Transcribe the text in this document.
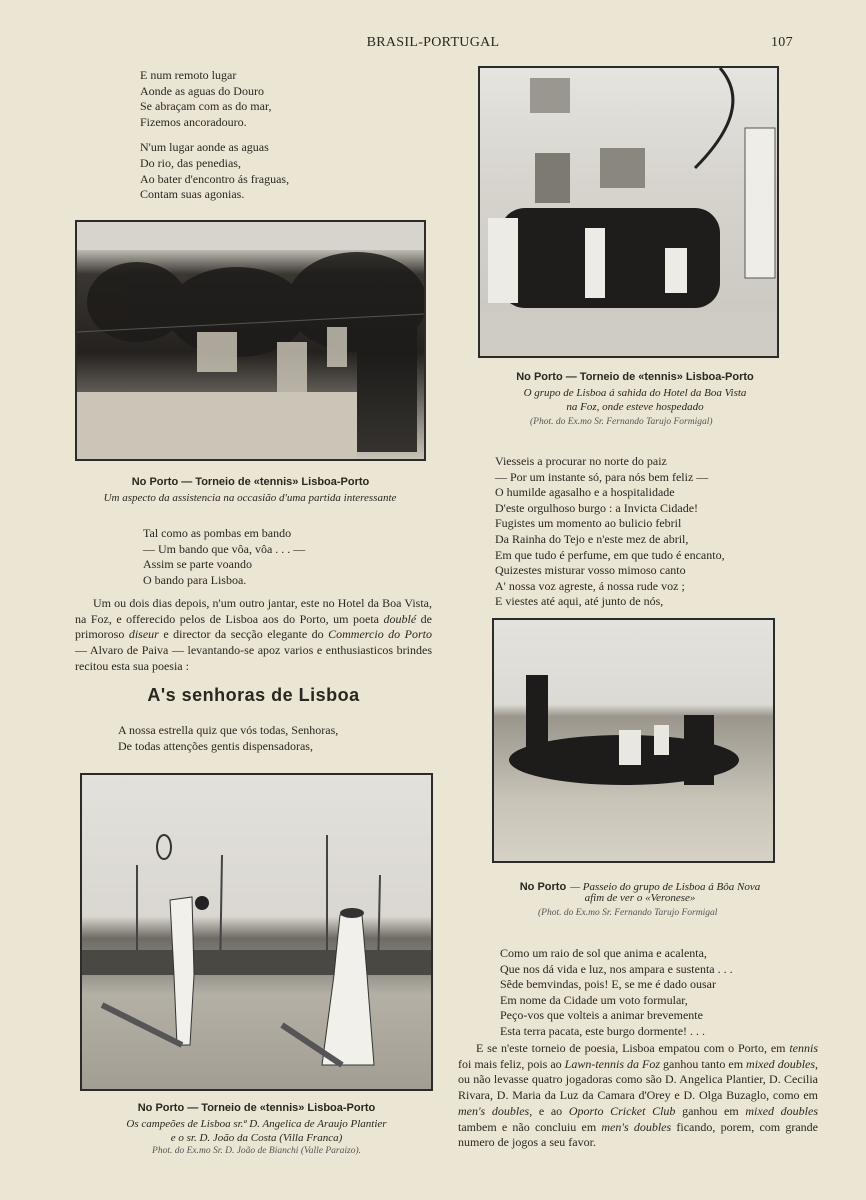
BRASIL-PORTUGAL	107
E num remoto lugar
Aonde as aguas do Douro
Se abraçam com as do mar,
Fizemos ancoradouro.
N'um lugar aonde as aguas
Do rio, das penedias,
Ao bater d'encontro ás fraguas,
Contam suas agonias.
No Porto — Torneio de «tennis» Lisboa-Porto
Um aspecto da assistencia na occasião d'uma partida interessante
Tal como as pombas em bando
— Um bando que vôa, vôa . . . —
Assim se parte voando
O bando para Lisboa.
Um ou dois dias depois, n'um outro jantar, este no Hotel da Boa Vista, na Foz, e offerecido pelos de Lisboa aos do Porto, um poeta doublé de primoroso diseur e director da secção elegante do Commercio do Porto — Alvaro de Paiva — levantando-se apoz varios e enthusiasticos brindes recitou esta sua poesia :
A's senhoras de Lisboa
A nossa estrella quiz que vós todas, Senhoras,
De todas attenções gentis dispensadoras,
No Porto — Torneio de «tennis» Lisboa-Porto
Os campeões de Lisboa sr.ª D. Angelica de Araujo Plantier
e o sr. D. João da Costa (Villa Franca)
Phot. do Ex.mo Sr. D. João de Bianchi (Valle Paraizo).
No Porto — Torneio de «tennis» Lisboa-Porto
O grupo de Lisboa á sahida do Hotel da Boa Vista
na Foz, onde esteve hospedado
(Phot. do Ex.mo Sr. Fernando Tarujo Formigal)
Viesseis a procurar no norte do paiz
— Por um instante só, para nós bem feliz —
O humilde agasalho e a hospitalidade
D'este orgulhoso burgo : a Invicta Cidade!
Fugistes um momento ao bulicio febril
Da Rainha do Tejo e n'este mez de abril,
Em que tudo é perfume, em que tudo é encanto,
Quizestes misturar vosso mimoso canto
A' nossa voz agreste, á nossa rude voz ;
E viestes até aqui, até junto de nós,
No Porto — Passeio do grupo de Lisboa á Bôa Nova
afim de ver o «Veronese»
(Phot. do Ex.mo Sr. Fernando Tarujo Formigal
Como um raio de sol que anima e acalenta,
Que nos dá vida e luz, nos ampara e sustenta . . .
Sêde bemvindas, pois! E, se me é dado ousar
Em nome da Cidade um voto formular,
Peço-vos que volteis a animar brevemente
Esta terra pacata, este burgo dormente! . . .
E se n'este torneio de poesia, Lisboa empatou com o Porto, em tennis foi mais feliz, pois ao Lawn-tennis da Foz ganhou tanto em mixed doubles, ou não levasse quatro jogadoras como são D. Angelica Plantier, D. Cecilia Rivara, D. Maria da Luz da Camara d'Orey e D. Olga Buzaglo, como em men's doubles, e ao Oporto Cricket Club ganhou em mixed doubles tambem e não concluiu em men's doubles ficando, porem, com grande numero de jogos a seu favor.
